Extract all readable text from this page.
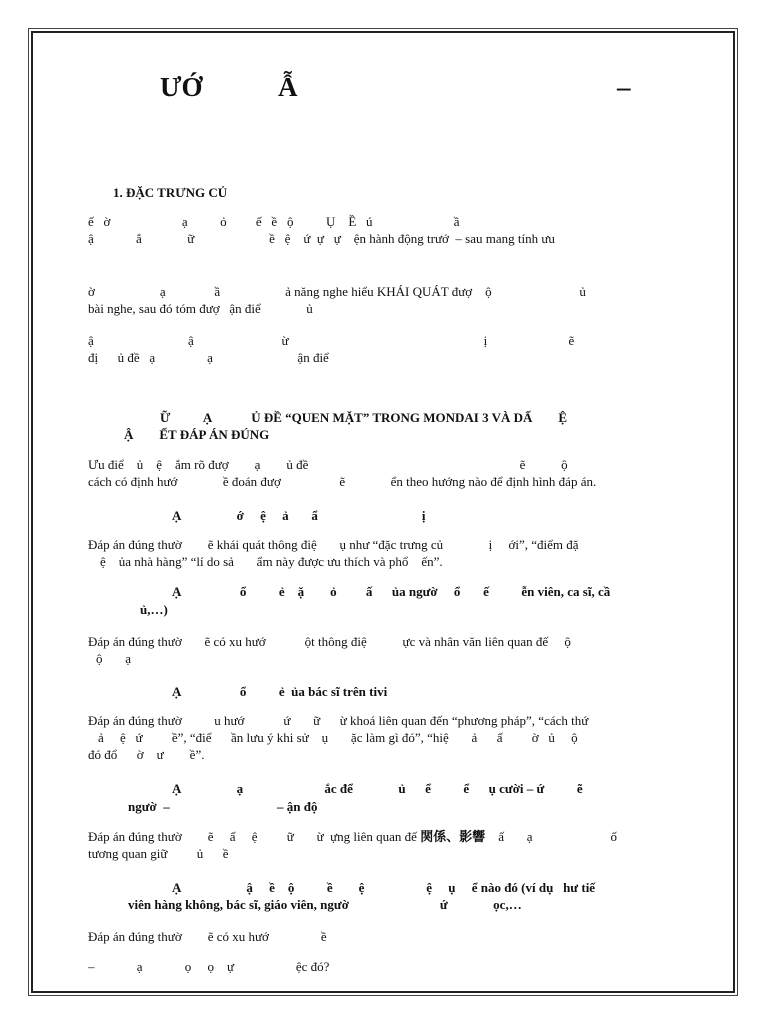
ƯỚ	Ẫ	–
1. ĐẶC TRƯNG CỦ
ế   ờ                      ạ          ỏ         ế   ề   ộ          Ụ    Ề   ú                         ầ
ậ             ắ              ữ                       ề   ệ    ứ  ự   ự    ện hành động trướ  – sau mang tính ưu
ờ                    ạ               ầ                    ả năng nghe hiểu KHÁI QUÁT đượ    ộ                           ủ
bài nghe, sau đó tóm đượ   ận điể              ủ
ậ                             ậ                           ừ                                                            ị                         ẽ
đị      ủ đề   ạ                ạ                          ận điể
Ữ          Ạ            Ủ ĐỀ “QUEN MẶT” TRONG MONDAI 3 VÀ DẤ        Ệ
Ậ        ẾT ĐÁP ÁN ĐÚNG
Ưu điể    ủ    ệ    ắm rõ đượ        ạ        ủ đề                                                                 ẽ           ộ
cách có định hướ              ề đoán đượ                  ẽ              ển theo hướng nào để định hình đáp án.
Ạ                 ớ     ệ     ả       ẩ                                ị
Đáp án đúng thườ        ẽ khái quát thông điệ       ụ như “đặc trưng củ              ị     ới”, “điểm đặ
ệ    ủa nhà hàng” “lí do sả       ẩm này được ưu thích và phổ    ến”.
Ạ                  ổ          ẻ    ặ        ỏ         ấ      ủa ngườ     ổ       ế          ễn viên, ca sĩ, cầ
ủ,…)
Đáp án đúng thườ       ẽ có xu hướ            ột thông điệ           ực và nhân văn liên quan đế     ộ
ộ       ạ
Ạ                  ổ          ẻ  ủa bác sĩ trên tivi
Đáp án đúng thườ          u hướ            ứ       ữ      ừ khoá liên quan đến “phương pháp”, “cách thứ
ả     ệ   ứ         ề”, “điể      ần lưu ý khi sử    ụ       ặc làm gì đó”, “hiệ       ả      ấ         ờ   ủ     ộ
đó đổ      ờ    ư        ề”.
Ạ                 ạ                         ắc để              ủ      ể          ể      ụ cười – ứ          ẽ
ngườ  –                                 – ận độ
Đáp án đúng thườ        ẽ     ấ     ệ         ữ       ừ  ựng liên quan đế 関係、影響    ấ       ạ                        ố
tương quan giữ         ủ      ề
Ạ                    ậ     ề    ộ          ề        ệ                   ệ     ụ     ể nào đó (ví dụ   hư tiế
viên hàng không, bác sĩ, giáo viên, ngườ                            ứ              ọc,…
Đáp án đúng thườ        ẽ có xu hướ                ề
–             ạ             ọ     ọ    ự                   ệc đó?
